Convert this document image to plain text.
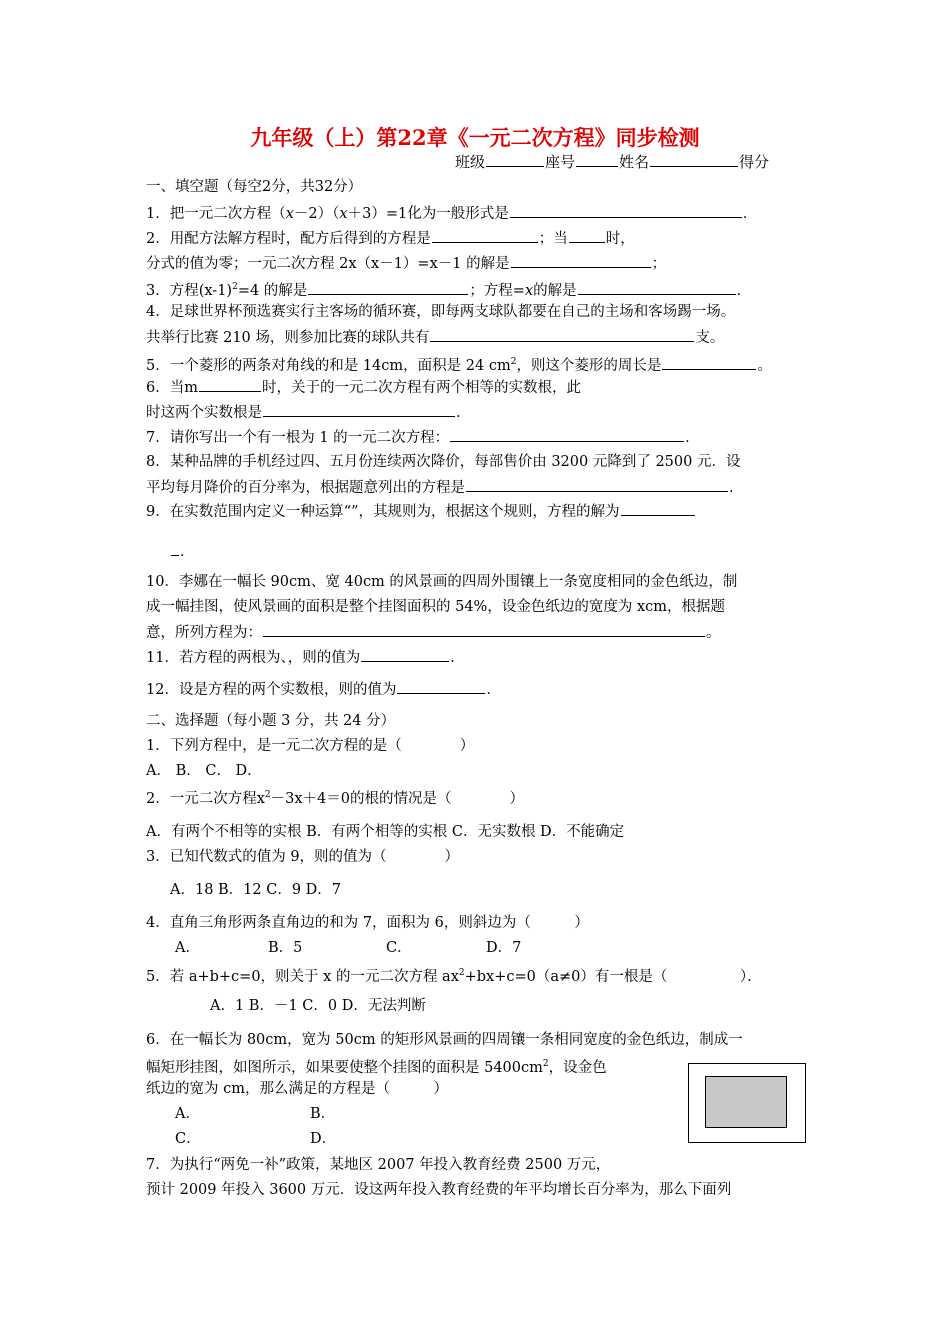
九年级（上）第22章《一元二次方程》同步检测
班级	座号	姓名	得分
一、填空题（每空2分，共32分）
1．把一元二次方程（x－2）（x＋3）=1化为一般形式是	．
2．用配方法解方程时，配方后得到的方程是	；当	时，
分式的值为零；一元二次方程 2x（x－1）=x－1 的解是	；
3．方程$(x-1)^2=4$ 的解是	；方程=x的解是	．
4．足球世界杯预选赛实行主客场的循环赛，即每两支球队都要在自己的主场和客场踢一场。
共举行比赛 210 场，则参加比赛的球队共有	支。
5．一个菱形的两条对角线的和是 14cm，面积是 24 $cm^2$，则这个菱形的周长是	。
6．当m	时，关于的一元二次方程有两个相等的实数根，此
时这两个实数根是	．
7．请你写出一个有一根为 1 的一元二次方程：	．
8．某种品牌的手机经过四、五月份连续两次降价，每部售价由 3200 元降到了 2500 元．设
平均每月降价的百分率为，根据题意列出的方程是	．
9．在实数范围内定义一种运算“”，其规则为，根据这个规则，方程的解为
．
10．李娜在一幅长 90cm、宽 40cm 的风景画的四周外围镶上一条宽度相同的金色纸边，制
成一幅挂图，使风景画的面积是整个挂图面积的 54%，设金色纸边的宽度为 xcm，根据题
意，所列方程为：	。
11．若方程的两根为、，则的值为	．
12．设是方程的两个实数根，则的值为	．
二、选择题（每小题 3 分，共 24 分）
1．下列方程中，是一元二次方程的是（　　　　）
A． B． C． D．
2．一元二次方程$x^2-3x+4=0$的根的情况是（　　　　）
A．有两个不相等的实根 B．有两个相等的实根 C．无实数根 D．不能确定
3．已知代数式的值为 9，则的值为（　　　　）
A．18 B．12 C．9 D．7
4．直角三角形两条直角边的和为 7，面积为 6，则斜边为（　　　）
A．	B．5	C．	D．7
5．若 a+b+c=0，则关于 x 的一元二次方程 $ax^2+bx+c=0(a\ne 0)$有一根是（　　　　　）．
A．1 B．－1 C．0 D．无法判断
6．在一幅长为 80cm，宽为 50cm 的矩形风景画的四周镶一条相同宽度的金色纸边，制成一
幅矩形挂图，如图所示，如果要使整个挂图的面积是 $5400cm^2$，设金色
纸边的宽为 cm，那么满足的方程是（　　　）
A．	B．
C．	D．
7．为执行“两免一补”政策，某地区 2007 年投入教育经费 2500 万元，
预计 2009 年投入 3600 万元．设这两年投入教育经费的年平均增长百分率为，那么下面列
